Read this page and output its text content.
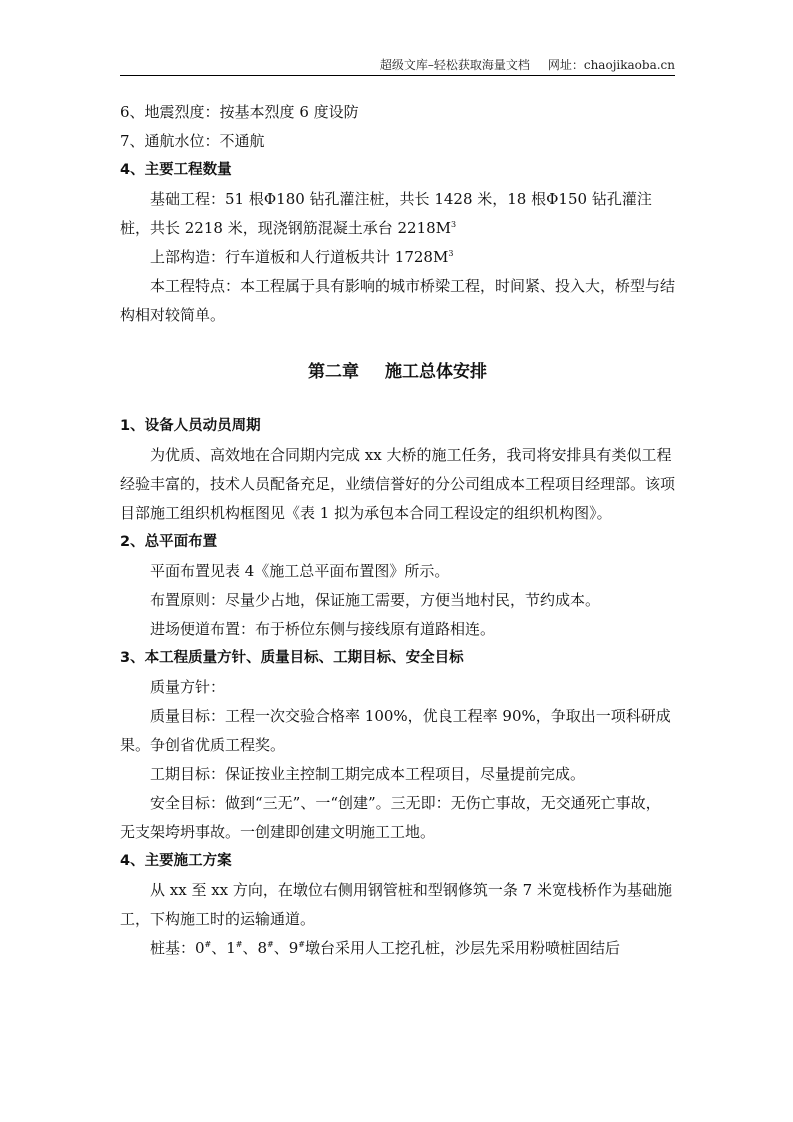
超级文库–轻松获取海量文档 网址：chaojikaoba.cn

6、地震烈度：按基本烈度 6 度设防

7、通航水位：不通航

4、主要工程数量

基础工程：51 根Φ180 钻孔灌注桩，共长 1428 米，18 根Φ150 钻孔灌注桩，共长 2218 米，现浇钢筋混凝土承台 $2218M^3$

上部构造：行车道板和人行道板共计 $1728M^3$

本工程特点：本工程属于具有影响的城市桥梁工程，时间紧、投入大，桥型与结构相对较简单。

第二章 施工总体安排

1、设备人员动员周期

为优质、高效地在合同期内完成 xx 大桥的施工任务，我司将安排具有类似工程经验丰富的，技术人员配备充足，业绩信誉好的分公司组成本工程项目经理部。该项目部施工组织机构框图见《表 1 拟为承包本合同工程设定的组织机构图》。

2、总平面布置

平面布置见表 4《施工总平面布置图》所示。

布置原则：尽量少占地，保证施工需要，方便当地村民，节约成本。

进场便道布置：布于桥位东侧与接线原有道路相连。

3、本工程质量方针、质量目标、工期目标、安全目标

质量方针：

质量目标：工程一次交验合格率 100%，优良工程率 90%，争取出一项科研成果。争创省优质工程奖。

工期目标：保证按业主控制工期完成本工程项目，尽量提前完成。

安全目标：做到“三无”、一“创建”。三无即：无伤亡事故，无交通死亡事故，无支架垮坍事故。一创建即创建文明施工工地。

4、主要施工方案

从 xx 至 xx 方向，在墩位右侧用钢管桩和型钢修筑一条 7 米宽栈桥作为基础施工，下构施工时的运输通道。

桩基：0#、1#、8#、9#墩台采用人工挖孔桩，沙层先采用粉喷桩固结后
